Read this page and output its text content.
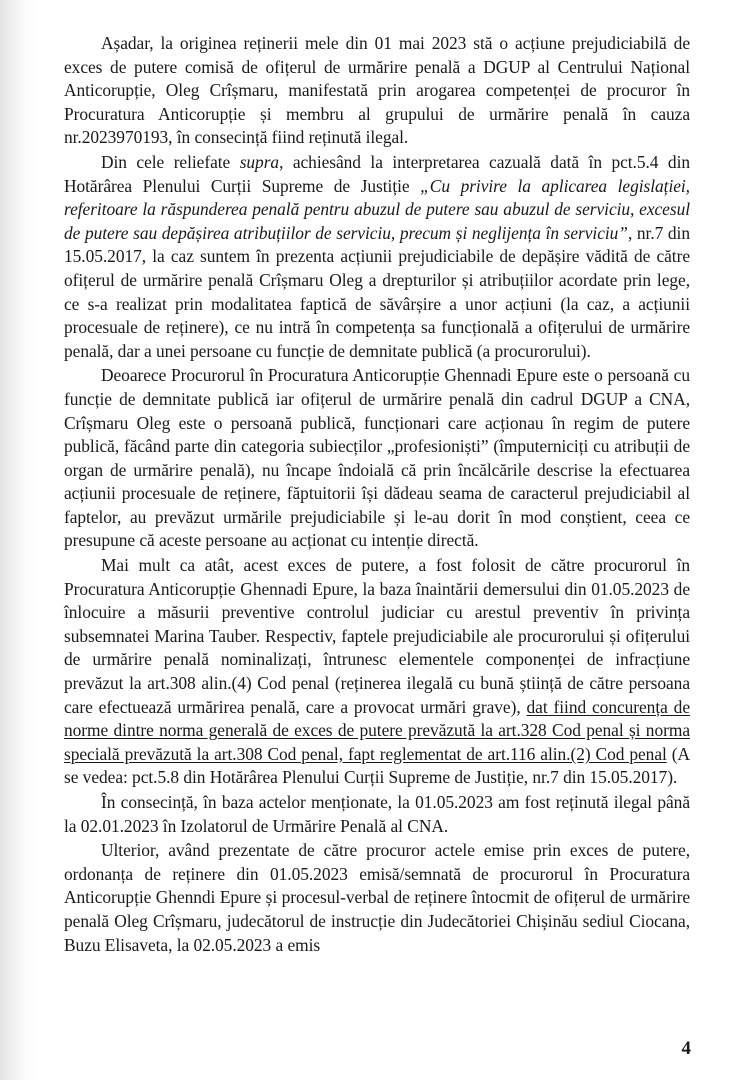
Așadar, la originea reținerii mele din 01 mai 2023 stă o acțiune prejudiciabilă de exces de putere comisă de ofițerul de urmărire penală a DGUP al Centrului Național Anticorupție, Oleg Crîșmaru, manifestată prin arogarea competenței de procuror în Procuratura Anticorupție și membru al grupului de urmărire penală în cauza nr.2023970193, în consecință fiind reținută ilegal.

Din cele reliefate supra, achiesând la interpretarea cazuală dată în pct.5.4 din Hotărârea Plenului Curții Supreme de Justiție „Cu privire la aplicarea legislației, referitoare la răspunderea penală pentru abuzul de putere sau abuzul de serviciu, excesul de putere sau depășirea atribuțiilor de serviciu, precum și neglijența în serviciu”, nr.7 din 15.05.2017, la caz suntem în prezenta acțiunii prejudiciabile de depășire vădită de către ofițerul de urmărire penală Crîșmaru Oleg a drepturilor și atribuțiilor acordate prin lege, ce s-a realizat prin modalitatea faptică de săvârșire a unor acțiuni (la caz, a acțiunii procesuale de reținere), ce nu intră în competența sa funcțională a ofițerului de urmărire penală, dar a unei persoane cu funcție de demnitate publică (a procurorului).

Deoarece Procurorul în Procuratura Anticorupție Ghennadi Epure este o persoană cu funcție de demnitate publică iar ofițerul de urmărire penală din cadrul DGUP a CNA, Crîșmaru Oleg este o persoană publică, funcționari care acționau în regim de putere publică, făcând parte din categoria subiecților „profesioniști” (împuterniciți cu atribuții de organ de urmărire penală), nu încape îndoială că prin încălcările descrise la efectuarea acțiunii procesuale de reținere, făptuitorii își dădeau seama de caracterul prejudiciabil al faptelor, au prevăzut urmările prejudiciabile și le-au dorit în mod conștient, ceea ce presupune că aceste persoane au acționat cu intenție directă.

Mai mult ca atât, acest exces de putere, a fost folosit de către procurorul în Procuratura Anticorupție Ghennadi Epure, la baza înaintării demersului din 01.05.2023 de înlocuire a măsurii preventive controlul judiciar cu arestul preventiv în privința subsemnatei Marina Tauber. Respectiv, faptele prejudiciabile ale procurorului și ofițerului de urmărire penală nominalizați, întrunesc elementele componenței de infracțiune prevăzut la art.308 alin.(4) Cod penal (reținerea ilegală cu bună știință de către persoana care efectuează urmărirea penală, care a provocat urmări grave), dat fiind concurența de norme dintre norma generală de exces de putere prevăzută la art.328 Cod penal și norma specială prevăzută la art.308 Cod penal, fapt reglementat de art.116 alin.(2) Cod penal (A se vedea: pct.5.8 din Hotărârea Plenului Curții Supreme de Justiție, nr.7 din 15.05.2017).

În consecință, în baza actelor menționate, la 01.05.2023 am fost reținută ilegal până la 02.01.2023 în Izolatorul de Urmărire Penală al CNA.

Ulterior, având prezentate de către procuror actele emise prin exces de putere, ordonanța de reținere din 01.05.2023 emisă/semnată de procurorul în Procuratura Anticorupție Ghenndi Epure și procesul-verbal de reținere întocmit de ofițerul de urmărire penală Oleg Crîșmaru, judecătorul de instrucție din Judecătoriei Chișinău sediul Ciocana, Buzu Elisaveta, la 02.05.2023 a emis

4
